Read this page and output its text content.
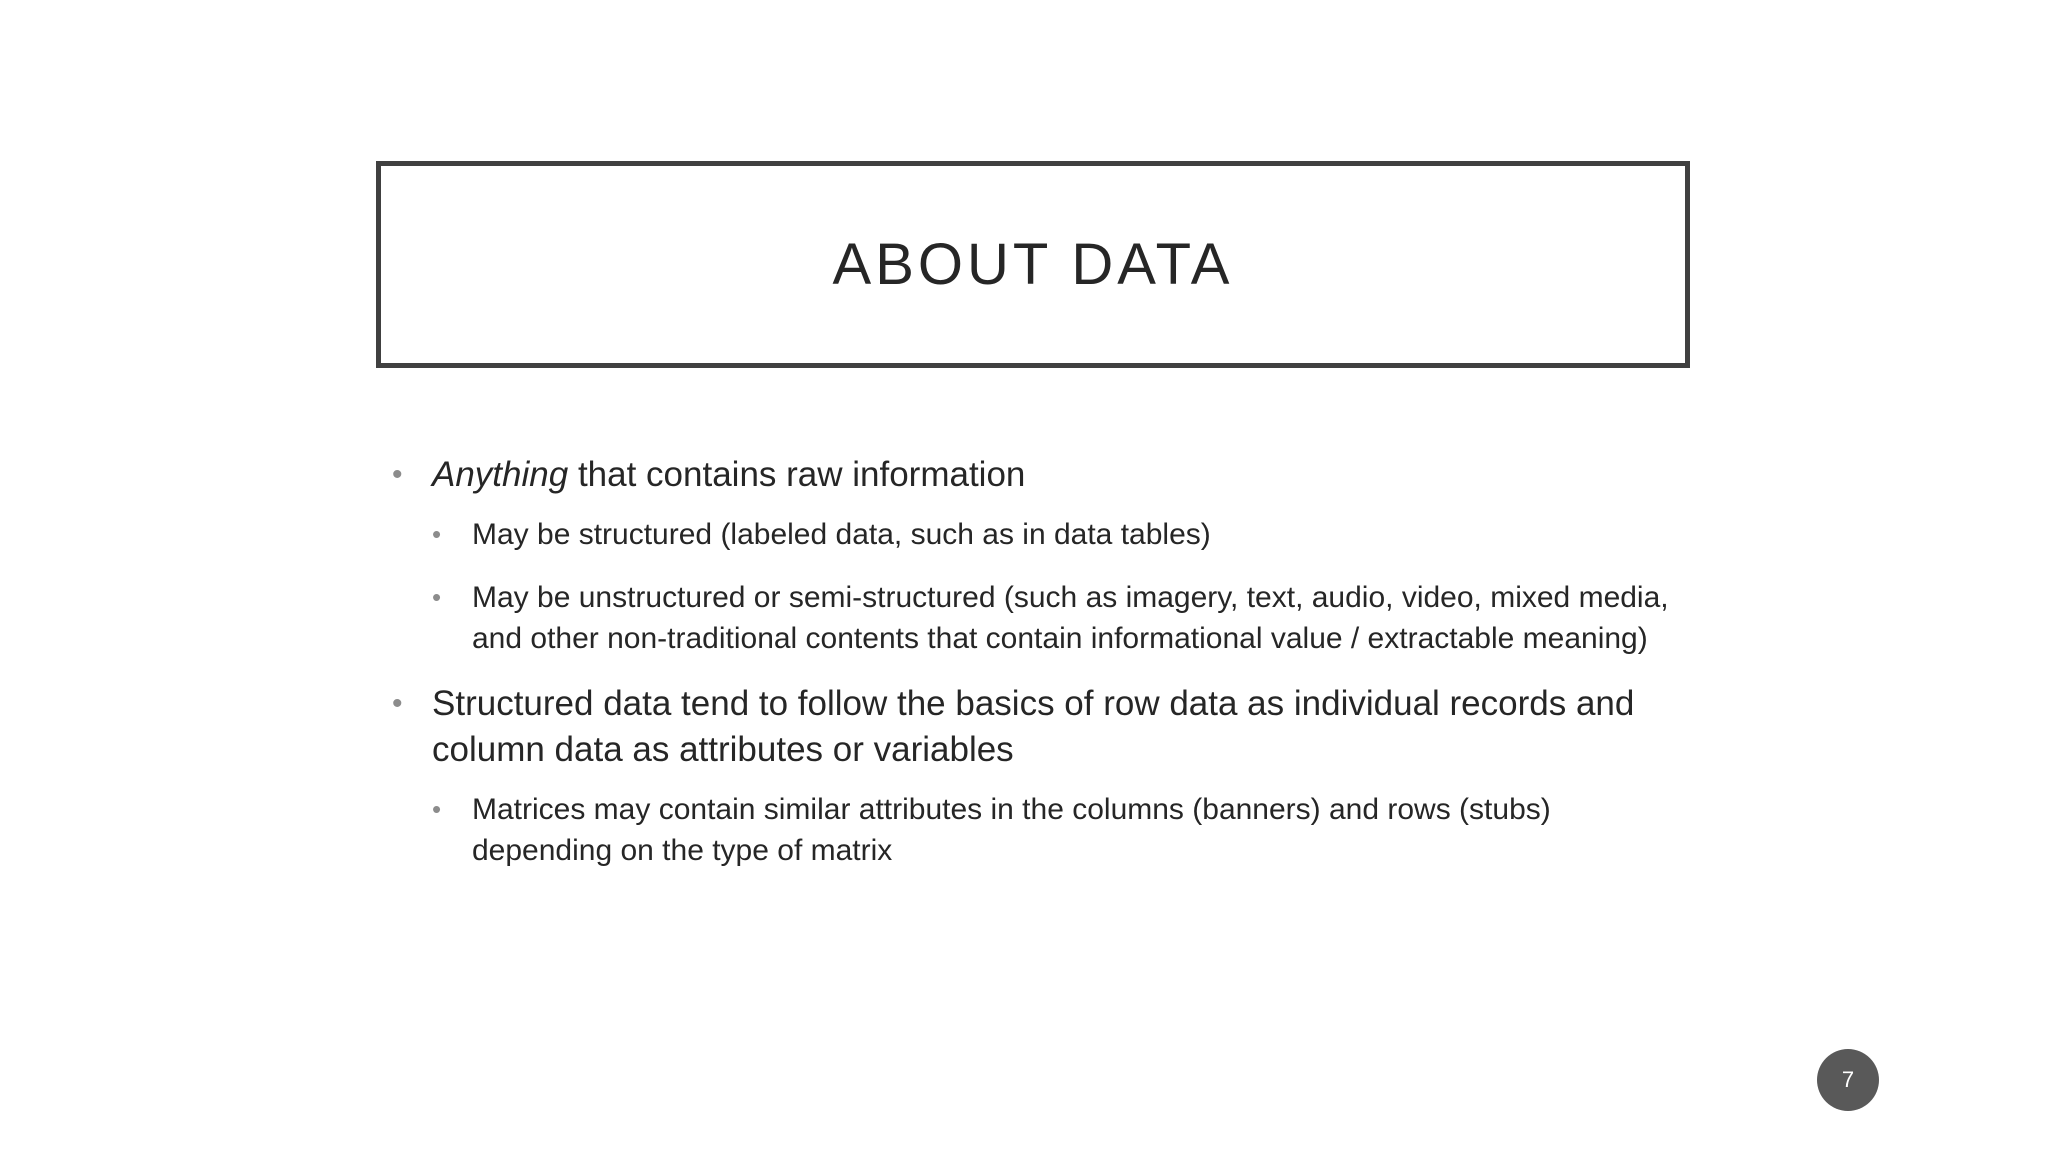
ABOUT DATA
• Anything that contains raw information
• May be structured (labeled data, such as in data tables)
• May be unstructured or semi-structured (such as imagery, text, audio, video, mixed media, and other non-traditional contents that contain informational value / extractable meaning)
• Structured data tend to follow the basics of row data as individual records and column data as attributes or variables
• Matrices may contain similar attributes in the columns (banners) and rows (stubs) depending on the type of matrix
7
